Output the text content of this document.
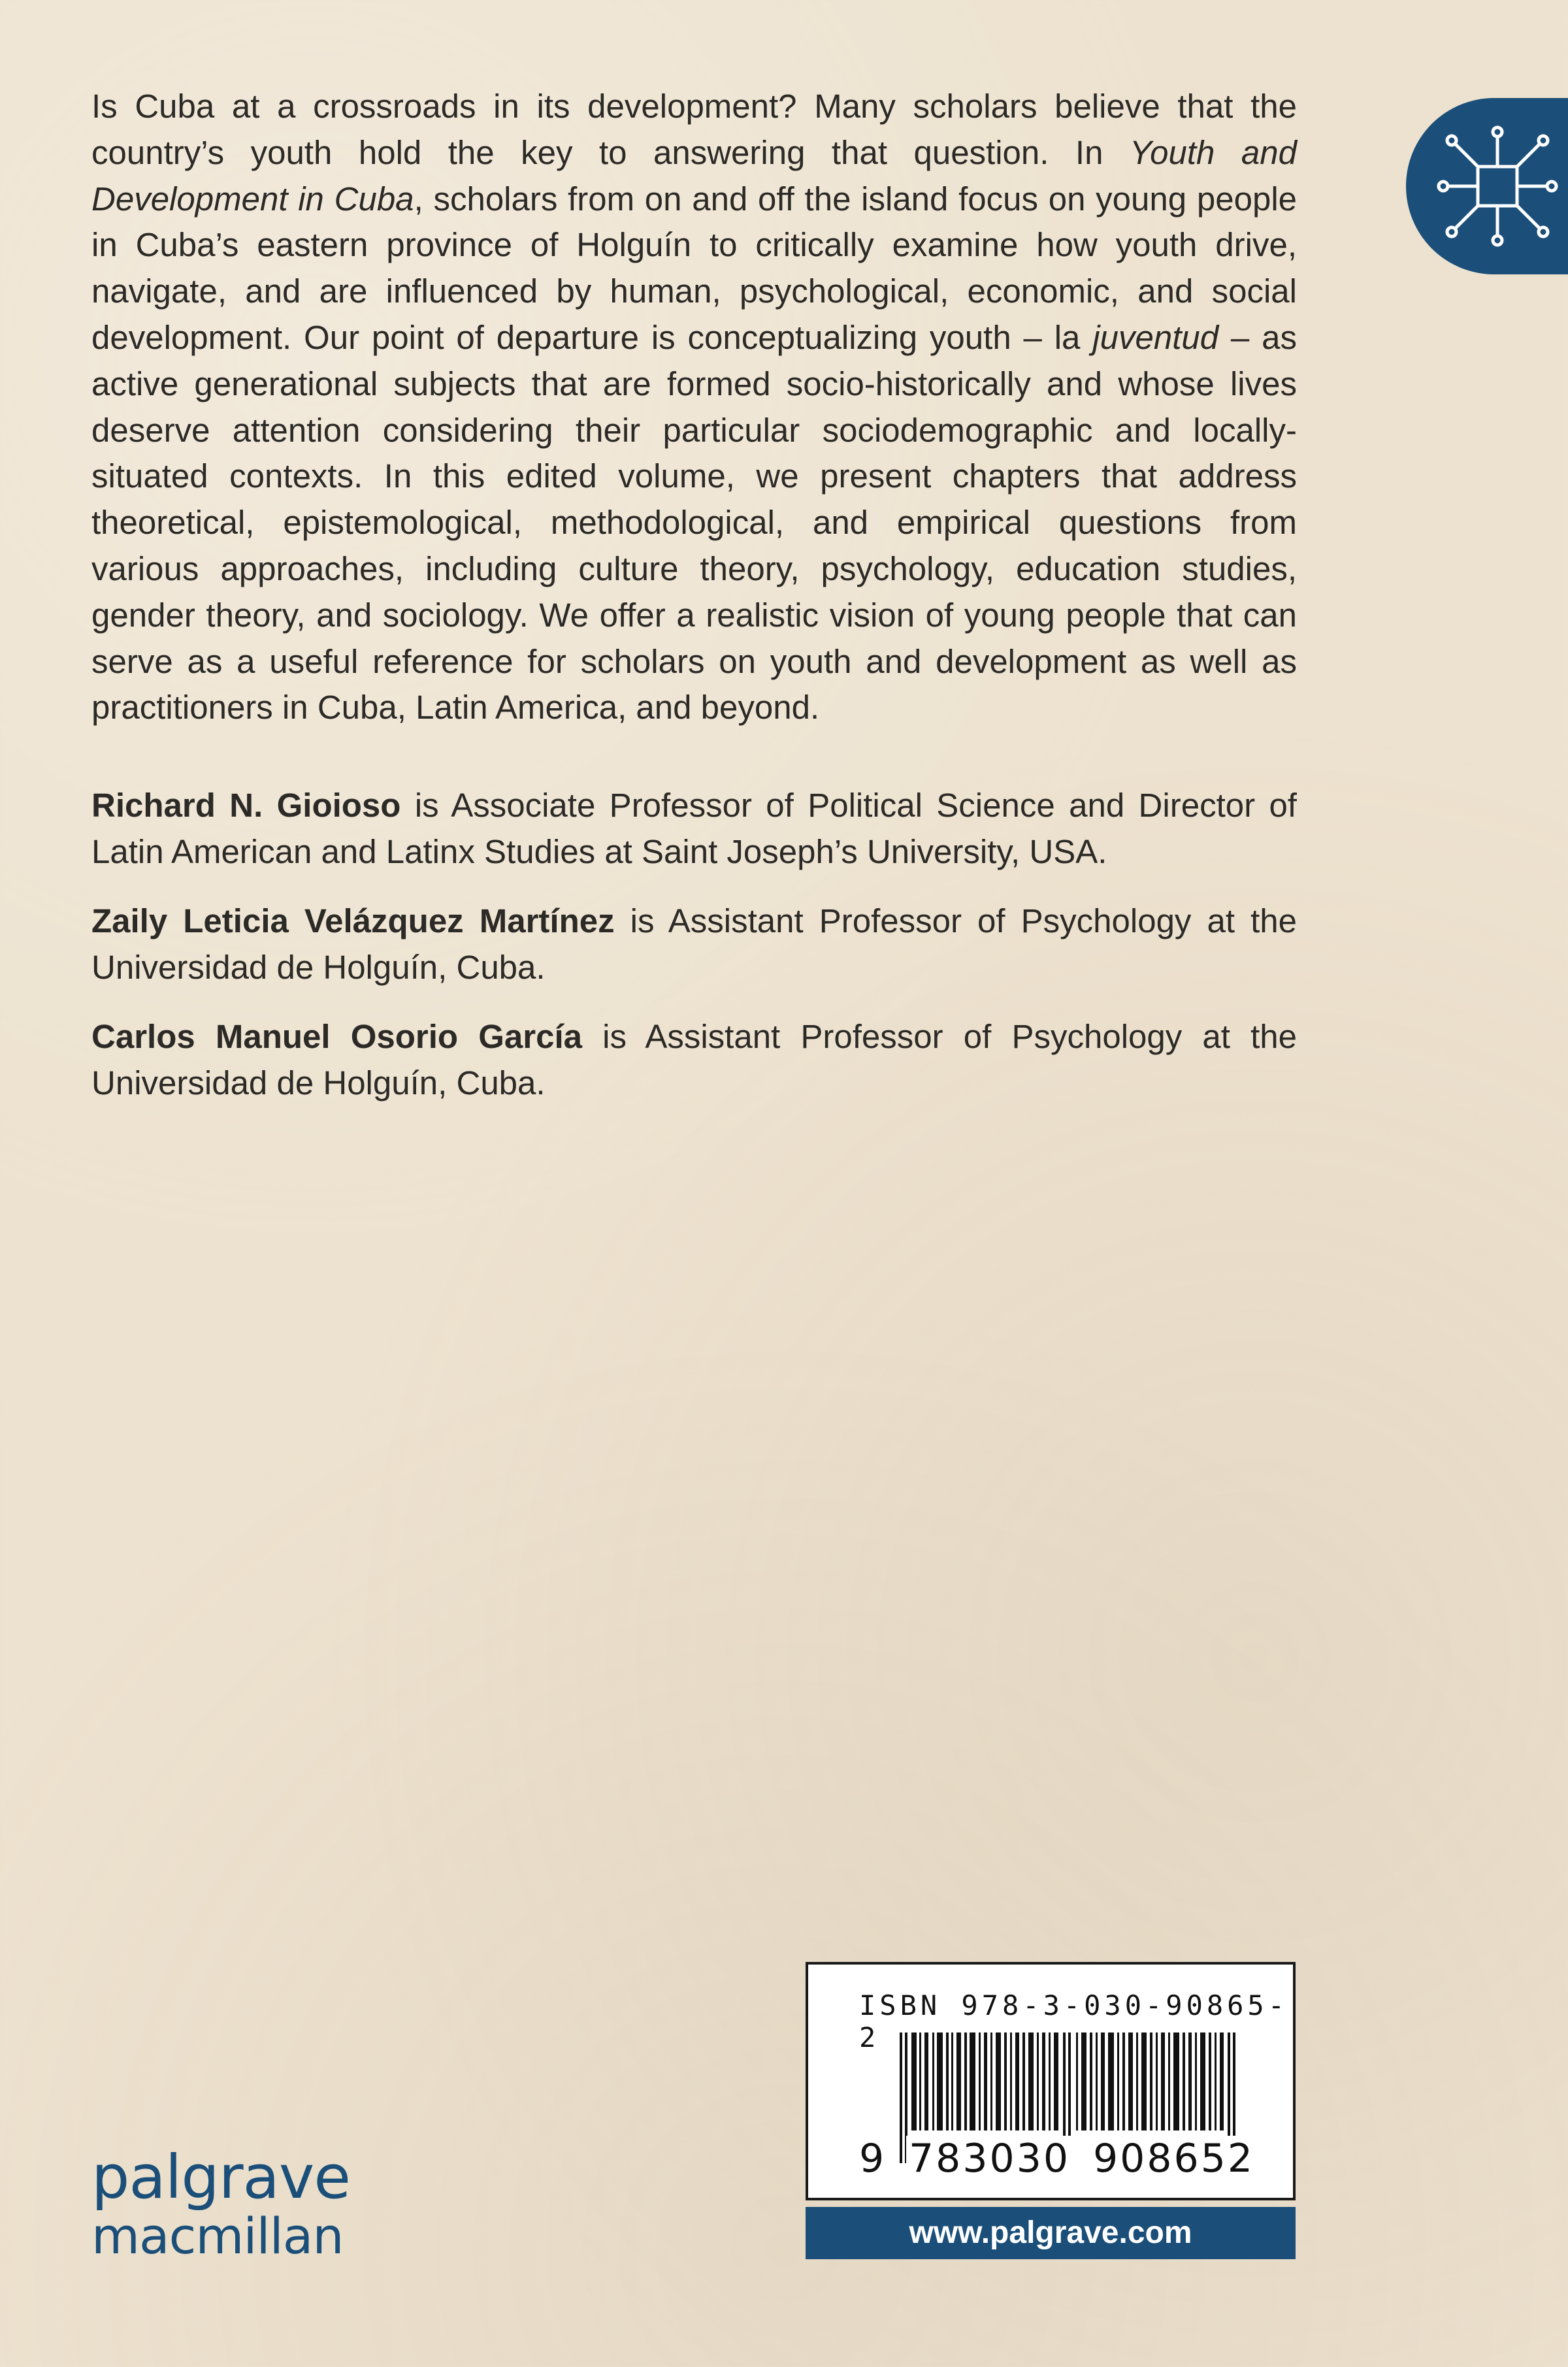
Is Cuba at a crossroads in its development? Many scholars believe that the country’s youth hold the key to answering that question. In Youth and Development in Cuba, scholars from on and off the island focus on young people in Cuba’s eastern province of Holguín to critically examine how youth drive, navigate, and are influenced by human, psychological, economic, and social development. Our point of departure is conceptualizing youth – la juventud – as active generational subjects that are formed socio-historically and whose lives deserve attention considering their particular sociodemographic and locally-situated contexts. In this edited volume, we present chapters that address theoretical, epistemological, methodological, and empirical questions from various approaches, including culture theory, psychology, education studies, gender theory, and sociology. We offer a realistic vision of young people that can serve as a useful reference for scholars on youth and development as well as practitioners in Cuba, Latin America, and beyond.

Richard N. Gioioso is Associate Professor of Political Science and Director of Latin American and Latinx Studies at Saint Joseph’s University, USA.

Zaily Leticia Velázquez Martínez is Assistant Professor of Psychology at the Universidad de Holguín, Cuba.

Carlos Manuel Osorio García is Assistant Professor of Psychology at the Universidad de Holguín, Cuba.

ISBN 978-3-030-90865-2
9 783030 908652
www.palgrave.com
palgrave
macmillan
